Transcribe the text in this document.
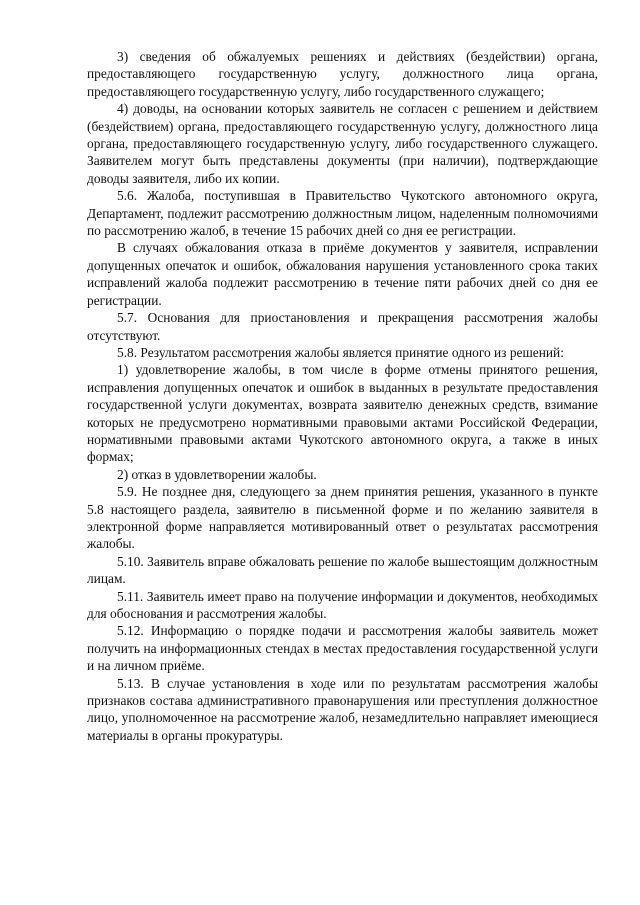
3) сведения об обжалуемых решениях и действиях (бездействии) органа, предоставляющего государственную услугу, должностного лица органа, предоставляющего государственную услугу, либо государственного служащего;

4) доводы, на основании которых заявитель не согласен с решением и действием (бездействием) органа, предоставляющего государственную услугу, должностного лица органа, предоставляющего государственную услугу, либо государственного служащего. Заявителем могут быть представлены документы (при наличии), подтверждающие доводы заявителя, либо их копии.

5.6. Жалоба, поступившая в Правительство Чукотского автономного округа, Департамент, подлежит рассмотрению должностным лицом, наделенным полномочиями по рассмотрению жалоб, в течение 15 рабочих дней со дня ее регистрации.

В случаях обжалования отказа в приёме документов у заявителя, исправлении допущенных опечаток и ошибок, обжалования нарушения установленного срока таких исправлений жалоба подлежит рассмотрению в течение пяти рабочих дней со дня ее регистрации.

5.7. Основания для приостановления и прекращения рассмотрения жалобы отсутствуют.

5.8. Результатом рассмотрения жалобы является принятие одного из решений:

1) удовлетворение жалобы, в том числе в форме отмены принятого решения, исправления допущенных опечаток и ошибок в выданных в результате предоставления государственной услуги документах, возврата заявителю денежных средств, взимание которых не предусмотрено нормативными правовыми актами Российской Федерации, нормативными правовыми актами Чукотского автономного округа, а также в иных формах;

2) отказ в удовлетворении жалобы.

5.9. Не позднее дня, следующего за днем принятия решения, указанного в пункте 5.8 настоящего раздела, заявителю в письменной форме и по желанию заявителя в электронной форме направляется мотивированный ответ о результатах рассмотрения жалобы.

5.10. Заявитель вправе обжаловать решение по жалобе вышестоящим должностным лицам.

5.11. Заявитель имеет право на получение информации и документов, необходимых для обоснования и рассмотрения жалобы.

5.12. Информацию о порядке подачи и рассмотрения жалобы заявитель может получить на информационных стендах в местах предоставления государственной услуги и на личном приёме.

5.13. В случае установления в ходе или по результатам рассмотрения жалобы признаков состава административного правонарушения или преступления должностное лицо, уполномоченное на рассмотрение жалоб, незамедлительно направляет имеющиеся материалы в органы прокуратуры.
